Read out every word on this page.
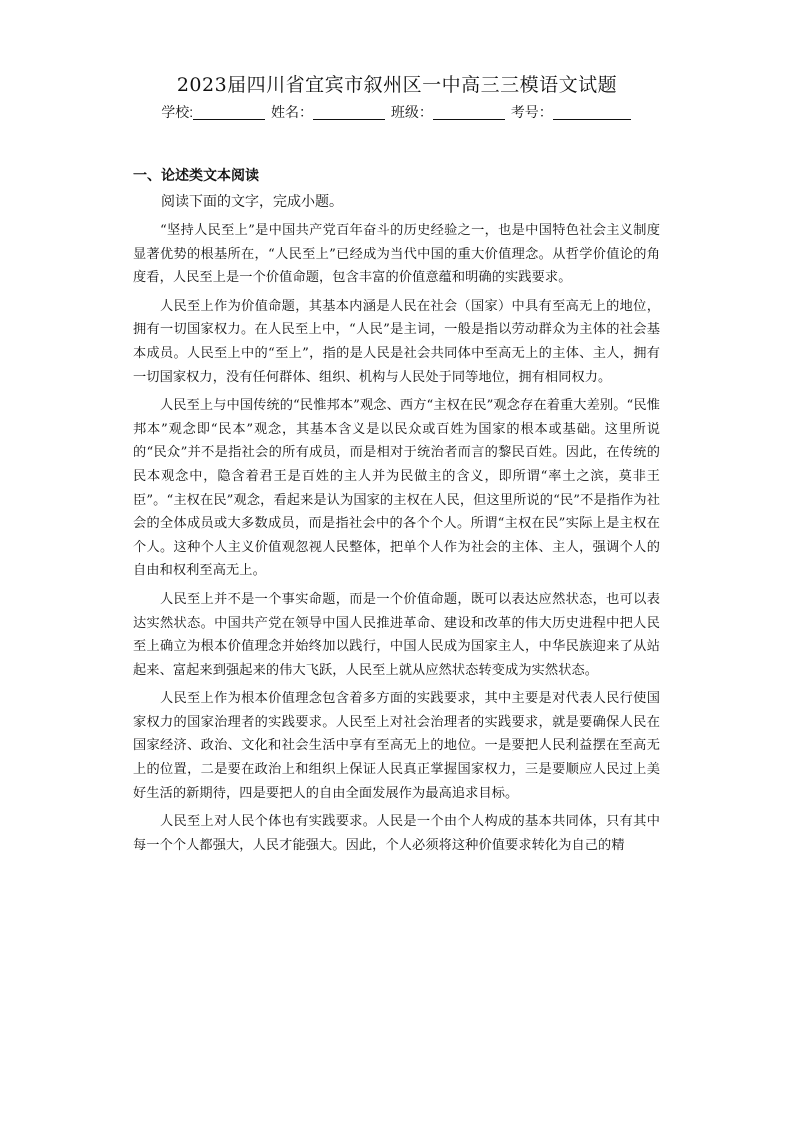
2023届四川省宜宾市叙州区一中高三三模语文试题
学校:	姓名：	班级：	考号：
一、论述类文本阅读
阅读下面的文字，完成小题。

“坚持人民至上”是中国共产党百年奋斗的历史经验之一，也是中国特色社会主义制度显著优势的根基所在，“人民至上”已经成为当代中国的重大价值理念。从哲学价值论的角度看，人民至上是一个价值命题，包含丰富的价值意蕴和明确的实践要求。

人民至上作为价值命题，其基本内涵是人民在社会（国家）中具有至高无上的地位，拥有一切国家权力。在人民至上中，“人民”是主词，一般是指以劳动群众为主体的社会基本成员。人民至上中的“至上”，指的是人民是社会共同体中至高无上的主体、主人，拥有一切国家权力，没有任何群体、组织、机构与人民处于同等地位，拥有相同权力。

人民至上与中国传统的“民惟邦本”观念、西方“主权在民”观念存在着重大差别。“民惟邦本”观念即“民本”观念，其基本含义是以民众或百姓为国家的根本或基础。这里所说的“民众”并不是指社会的所有成员，而是相对于统治者而言的黎民百姓。因此，在传统的民本观念中，隐含着君王是百姓的主人并为民做主的含义，即所谓“率土之滨，莫非王臣”。“主权在民”观念，看起来是认为国家的主权在人民，但这里所说的“民”不是指作为社会的全体成员或大多数成员，而是指社会中的各个个人。所谓“主权在民”实际上是主权在个人。这种个人主义价值观忽视人民整体，把单个人作为社会的主体、主人，强调个人的自由和权利至高无上。

人民至上并不是一个事实命题，而是一个价值命题，既可以表达应然状态，也可以表达实然状态。中国共产党在领导中国人民推进革命、建设和改革的伟大历史进程中把人民至上确立为根本价值理念并始终加以践行，中国人民成为国家主人，中华民族迎来了从站起来、富起来到强起来的伟大飞跃，人民至上就从应然状态转变成为实然状态。

人民至上作为根本价值理念包含着多方面的实践要求，其中主要是对代表人民行使国家权力的国家治理者的实践要求。人民至上对社会治理者的实践要求，就是要确保人民在国家经济、政治、文化和社会生活中享有至高无上的地位。一是要把人民利益摆在至高无上的位置，二是要在政治上和组织上保证人民真正掌握国家权力，三是要顺应人民过上美好生活的新期待，四是要把人的自由全面发展作为最高追求目标。

人民至上对人民个体也有实践要求。人民是一个由个人构成的基本共同体，只有其中每一个个人都强大，人民才能强大。因此，个人必须将这种价值要求转化为自己的精
